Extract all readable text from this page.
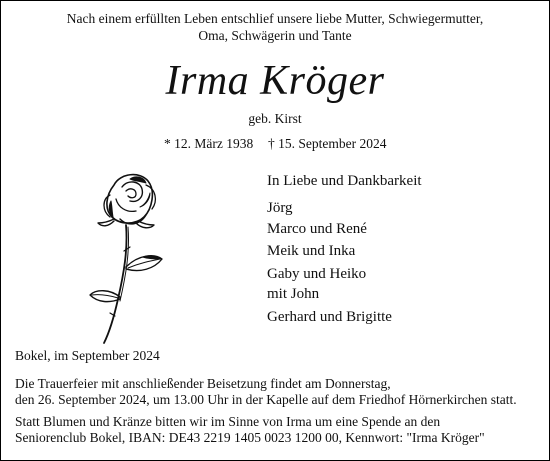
Nach einem erfüllten Leben entschlief unsere liebe Mutter, Schwiegermutter,
Oma, Schwägerin und Tante

Irma Kröger

geb. Kirst

* 12. März 1938 † 15. September 2024

In Liebe und Dankbarkeit

Jörg
Marco und René
Meik und Inka
Gaby und Heiko
mit John
Gerhard und Brigitte

Bokel, im September 2024

Die Trauerfeier mit anschließender Beisetzung findet am Donnerstag,
den 26. September 2024, um 13.00 Uhr in der Kapelle auf dem Friedhof Hörnerkirchen statt.

Statt Blumen und Kränze bitten wir im Sinne von Irma um eine Spende an den
Seniorenclub Bokel, IBAN: DE43 2219 1405 0023 1200 00, Kennwort: "Irma Kröger"
